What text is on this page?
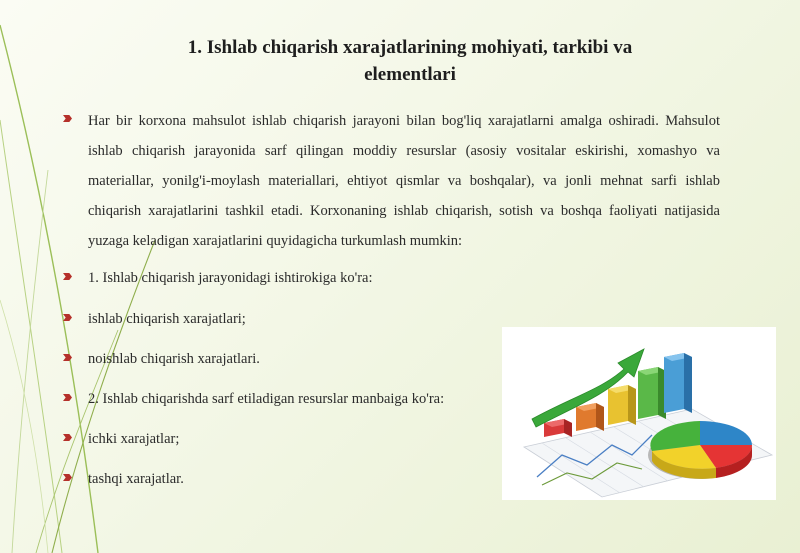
1. Ishlab chiqarish xarajatlarining mohiyati, tarkibi va elementlari
Har bir korxona mahsulot ishlab chiqarish jarayoni bilan bog'liq xarajatlarni amalga oshiradi. Mahsulot ishlab chiqarish jarayonida sarf qilingan moddiy resurslar (asosiy vositalar eskirishi, xomashyo va materiallar, yonilg'i-moylash materiallari, ehtiyot qismlar va boshqalar), va jonli mehnat sarfi ishlab chiqarish xarajatlarini tashkil etadi. Korxonaning ishlab chiqarish, sotish va boshqa faoliyati natijasida yuzaga keladigan xarajatlarini quyidagicha turkumlash mumkin:
1. Ishlab chiqarish jarayonidagi ishtirokiga ko'ra:
ishlab chiqarish xarajatlari;
noishlab chiqarish xarajatlari.
2. Ishlab chiqarishda sarf etiladigan resurslar manbaiga ko'ra:
ichki xarajatlar;
tashqi xarajatlar.
